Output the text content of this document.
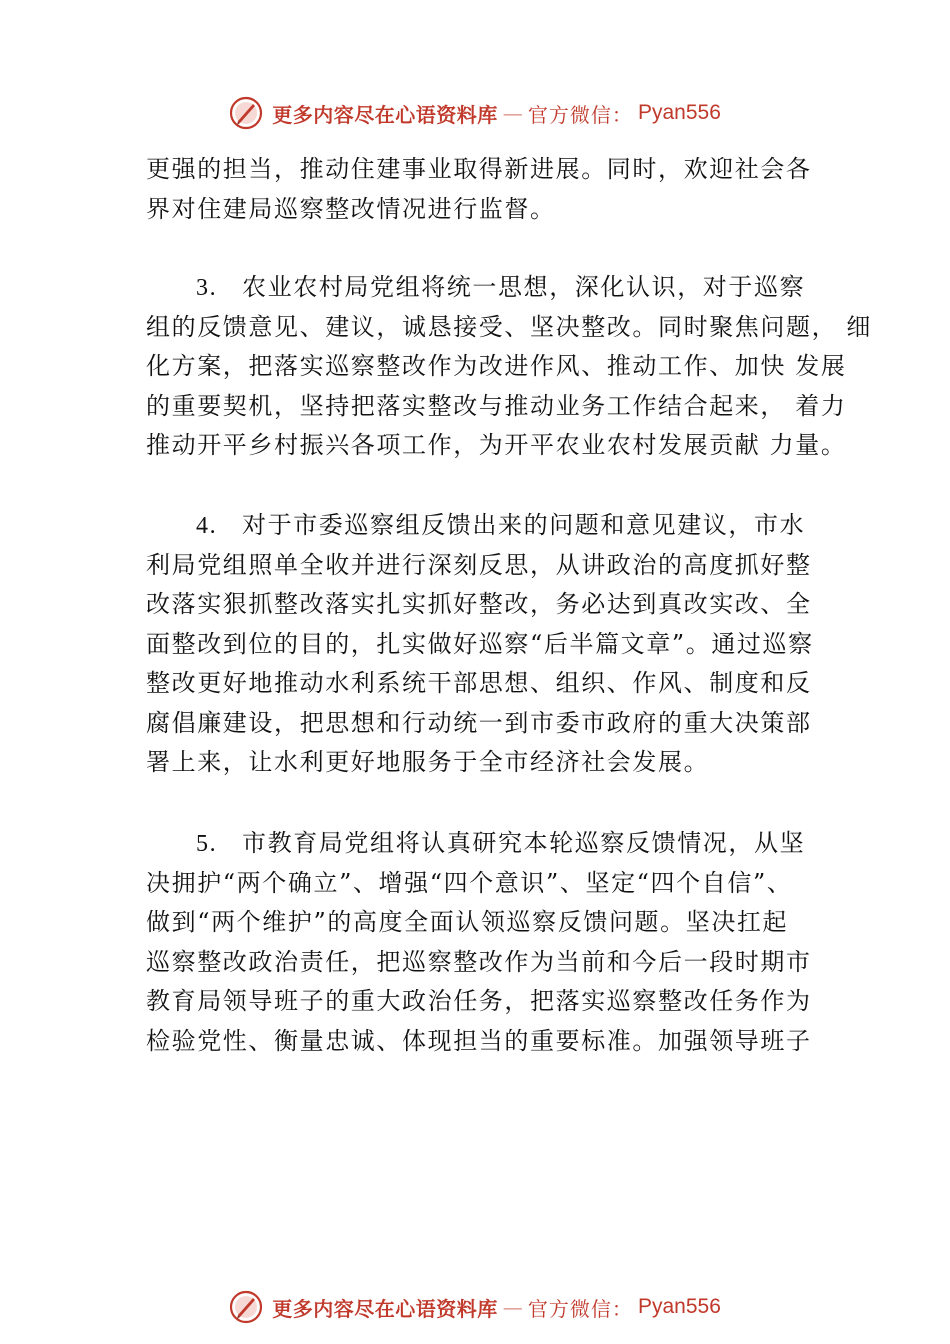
更多内容尽在心语资料库 — 官方微信： Pyan556
更强的担当，推动住建事业取得新进展。同时，欢迎社会各
界对住建局巡察整改情况进行监督。
3. 农业农村局党组将统一思想，深化认识，对于巡察
组的反馈意见、建议，诚恳接受、坚决整改。同时聚焦问题， 细
化方案，把落实巡察整改作为改进作风、推动工作、加快 发展
的重要契机，坚持把落实整改与推动业务工作结合起来， 着力
推动开平乡村振兴各项工作，为开平农业农村发展贡献 力量。
4. 对于市委巡察组反馈出来的问题和意见建议，市水
利局党组照单全收并进行深刻反思，从讲政治的高度抓好整
改落实狠抓整改落实扎实抓好整改，务必达到真改实改、全
面整改到位的目的，扎实做好巡察“后半篇文章”。通过巡察
整改更好地推动水利系统干部思想、组织、作风、制度和反
腐倡廉建设，把思想和行动统一到市委市政府的重大决策部
署上来，让水利更好地服务于全市经济社会发展。
5. 市教育局党组将认真研究本轮巡察反馈情况，从坚
决拥护“两个确立”、增强“四个意识”、坚定“四个自信”、
做到“两个维护”的高度全面认领巡察反馈问题。坚决扛起
巡察整改政治责任，把巡察整改作为当前和今后一段时期市
教育局领导班子的重大政治任务，把落实巡察整改任务作为
检验党性、衡量忠诚、体现担当的重要标准。加强领导班子
更多内容尽在心语资料库 — 官方微信： Pyan556
